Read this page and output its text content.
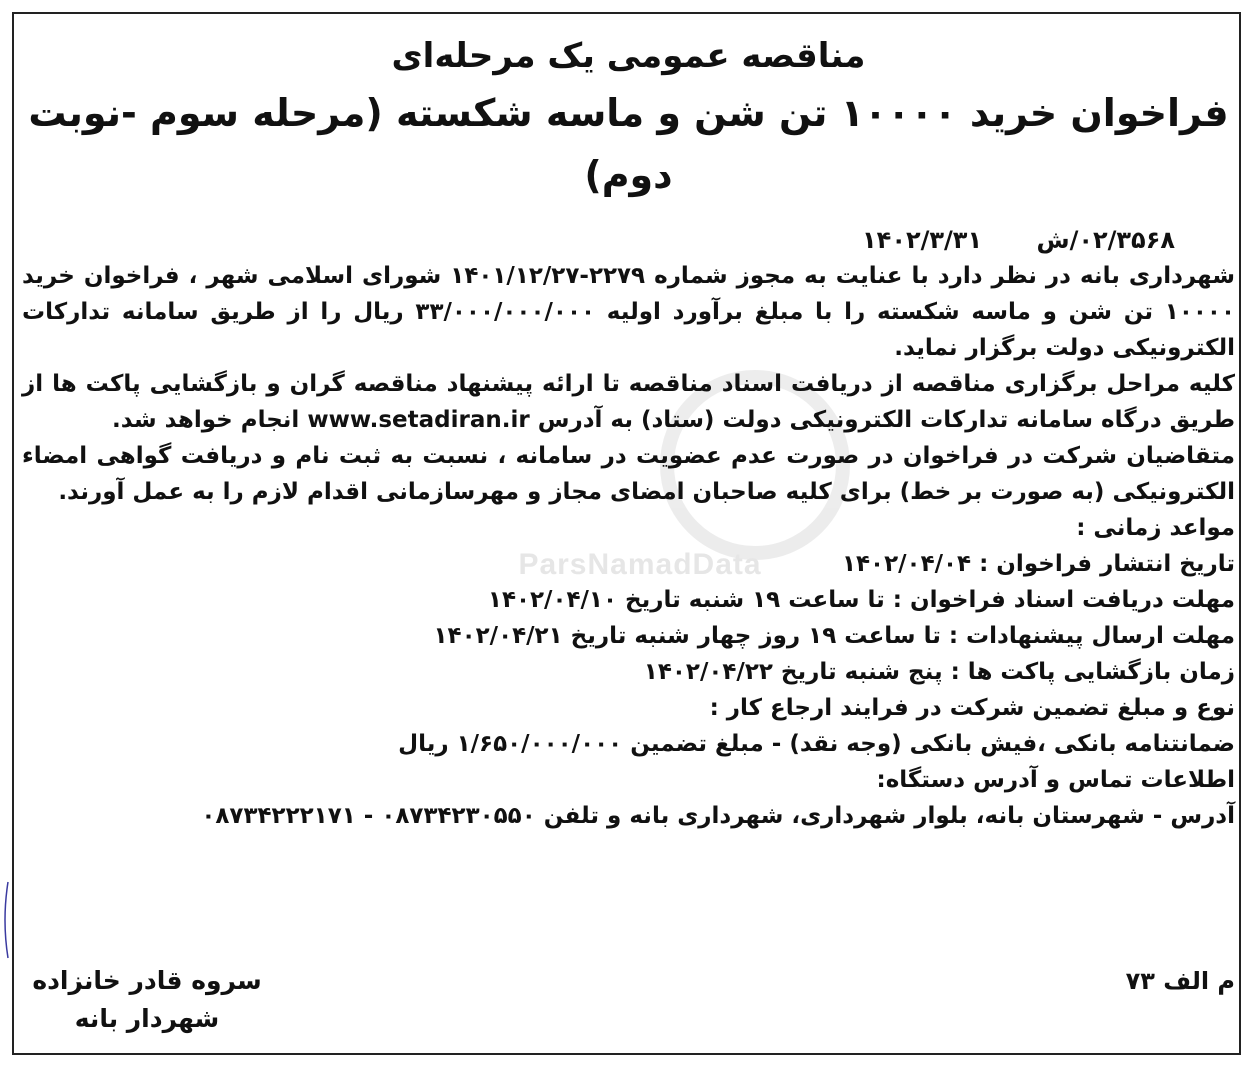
ParsNamadData

مناقصه عمومی یک مرحله‌ای

فراخوان خرید ۱۰۰۰۰ تن شن و ماسه شکسته (مرحله سوم -نوبت دوم)

۰۲/۳۵۶۸/ش ۱۴۰۲/۳/۳۱

شهرداری بانه در نظر دارد با عنایت به مجوز شماره ۲۲۷۹-۱۴۰۱/۱۲/۲۷ شورای اسلامی شهر ، فراخوان خرید ۱۰۰۰۰ تن شن و ماسه شکسته را با مبلغ برآورد اولیه ۳۳/۰۰۰/۰۰۰/۰۰۰ ریال را از طریق سامانه تدارکات الکترونیکی دولت برگزار نماید.

کلیه مراحل برگزاری مناقصه از دریافت اسناد مناقصه تا ارائه پیشنهاد مناقصه گران و بازگشایی پاکت ها از طریق درگاه سامانه تدارکات الکترونیکی دولت (ستاد) به آدرس www.setadiran.ir انجام خواهد شد.

متقاضیان شرکت در فراخوان در صورت عدم عضویت در سامانه ، نسبت به ثبت نام و دریافت گواهی امضاء الکترونیکی (به صورت بر خط) برای کلیه صاحبان امضای مجاز و مهرسازمانی اقدام لازم را به عمل آورند.

مواعد زمانی :

تاریخ انتشار فراخوان : ۱۴۰۲/۰۴/۰۴

مهلت دریافت اسناد فراخوان : تا ساعت ۱۹ شنبه تاریخ ۱۴۰۲/۰۴/۱۰

مهلت ارسال پیشنهادات : تا ساعت ۱۹ روز چهار شنبه تاریخ ۱۴۰۲/۰۴/۲۱

زمان بازگشایی پاکت ها : پنج شنبه تاریخ ۱۴۰۲/۰۴/۲۲

نوع و مبلغ تضمین شرکت در فرایند ارجاع کار :

ضمانتنامه بانکی ،فیش بانکی (وجه نقد) - مبلغ تضمین ۱/۶۵۰/۰۰۰/۰۰۰ ریال

اطلاعات تماس و آدرس دستگاه:

آدرس - شهرستان بانه، بلوار شهرداری، شهرداری بانه و تلفن ۰۸۷۳۴۲۳۰۵۵۰ - ۰۸۷۳۴۲۲۲۱۷۱

م الف ۷۳
سروه قادر خانزاده
شهردار بانه
